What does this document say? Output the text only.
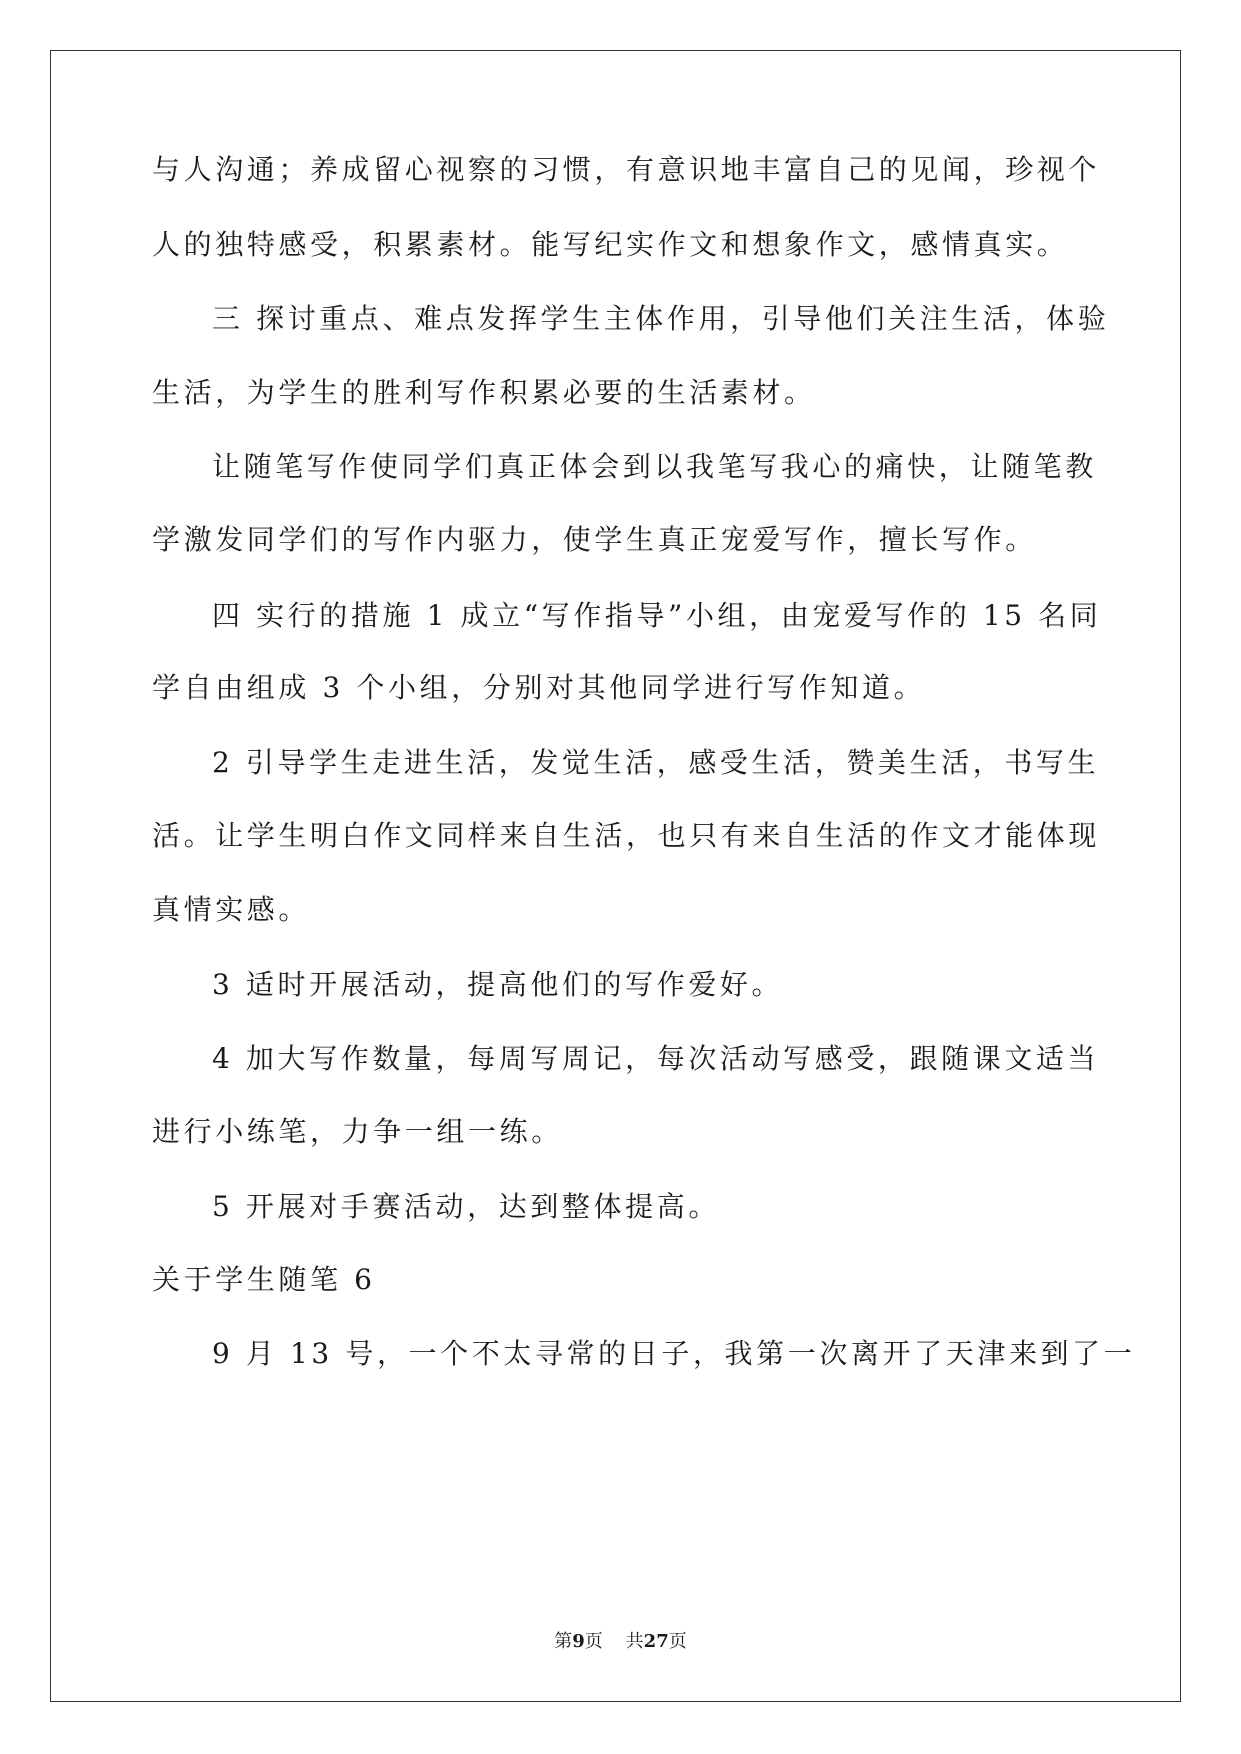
与人沟通；养成留心视察的习惯，有意识地丰富自己的见闻，珍视个
人的独特感受，积累素材。能写纪实作文和想象作文，感情真实。
三 探讨重点、难点发挥学生主体作用，引导他们关注生活，体验
生活，为学生的胜利写作积累必要的生活素材。
让随笔写作使同学们真正体会到以我笔写我心的痛快，让随笔教
学激发同学们的写作内驱力，使学生真正宠爱写作，擅长写作。
四 实行的措施 1 成立“写作指导”小组，由宠爱写作的 15 名同
学自由组成 3 个小组，分别对其他同学进行写作知道。
2 引导学生走进生活，发觉生活，感受生活，赞美生活，书写生
活。让学生明白作文同样来自生活，也只有来自生活的作文才能体现
真情实感。
3 适时开展活动，提高他们的写作爱好。
4 加大写作数量，每周写周记，每次活动写感受，跟随课文适当
进行小练笔，力争一组一练。
5 开展对手赛活动，达到整体提高。
关于学生随笔 6
9 月 13 号，一个不太寻常的日子，我第一次离开了天津来到了一
第9页 共27页
